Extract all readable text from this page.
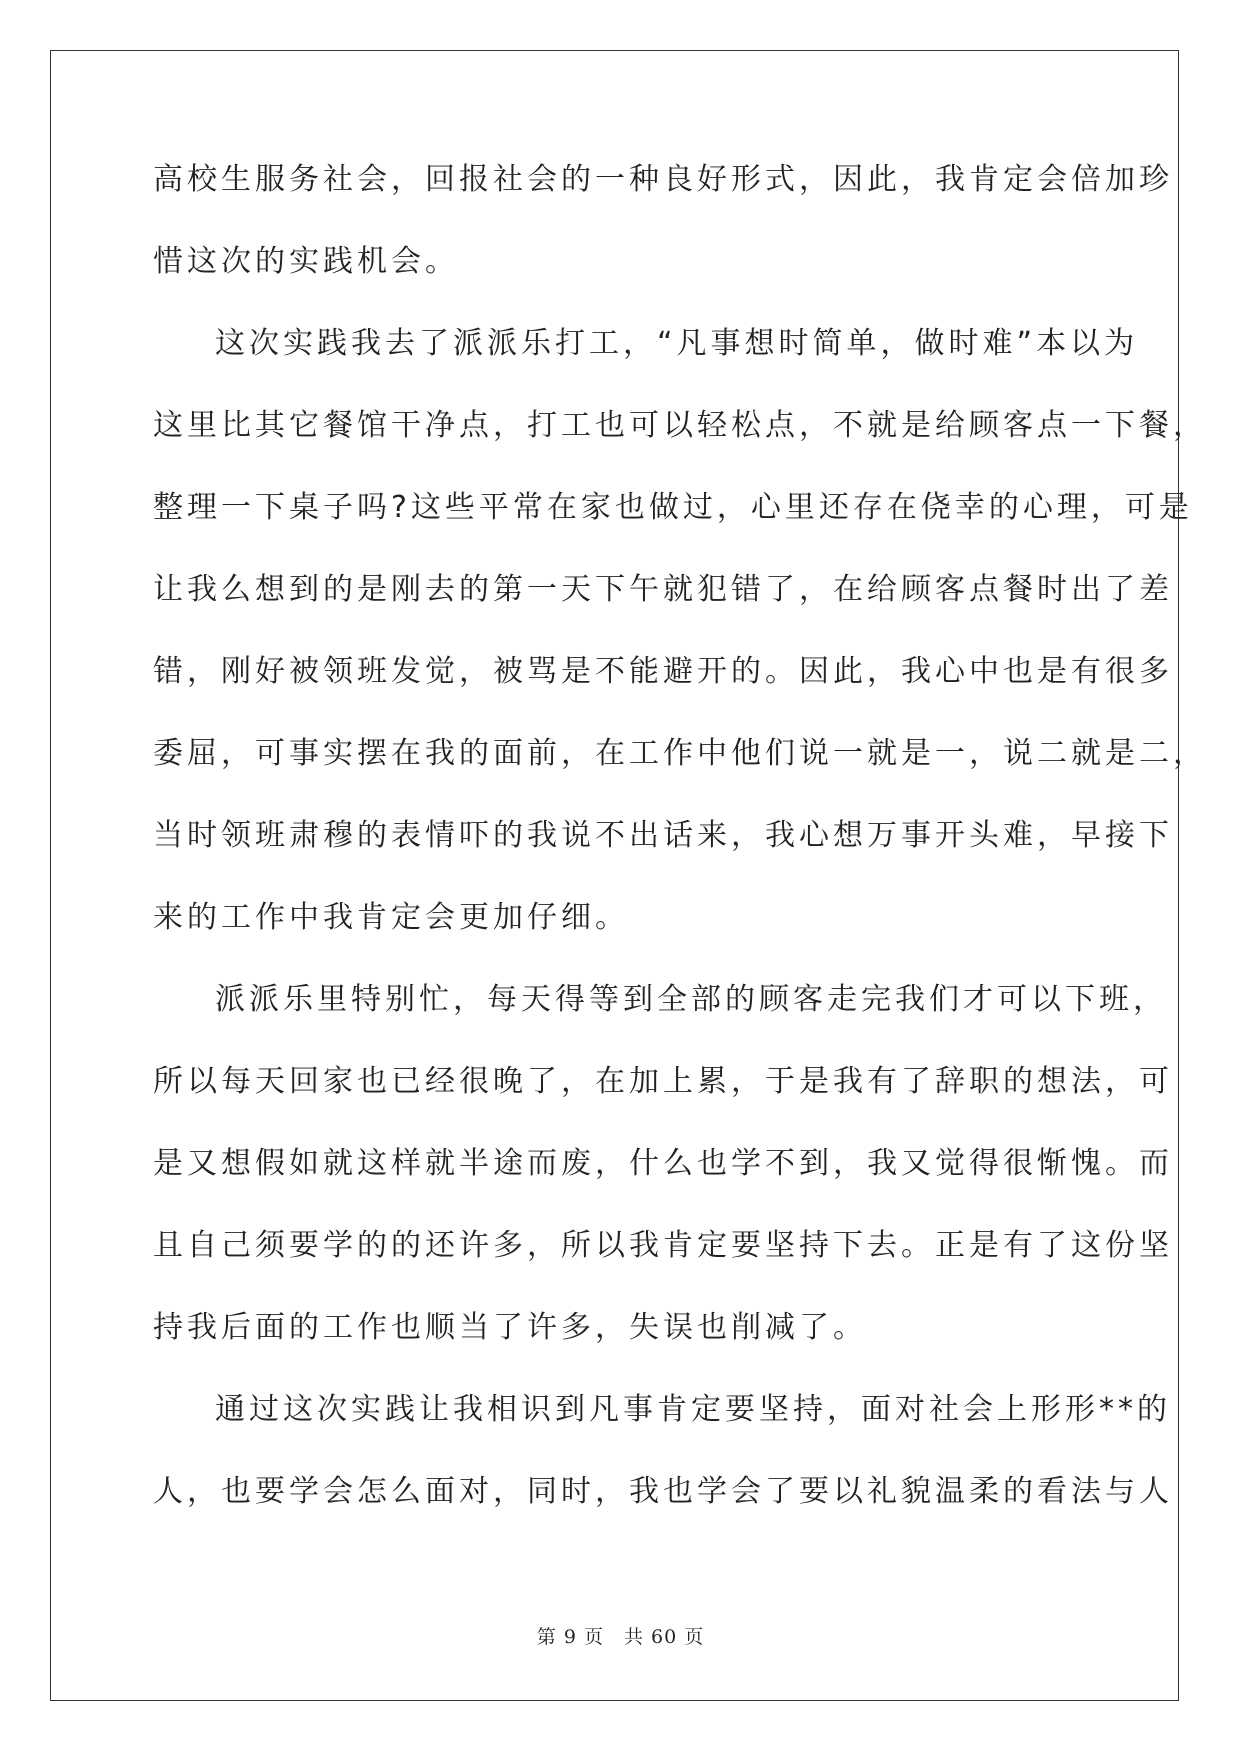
高校生服务社会，回报社会的一种良好形式，因此，我肯定会倍加珍
惜这次的实践机会。
这次实践我去了派派乐打工，“凡事想时简单，做时难”本以为
这里比其它餐馆干净点，打工也可以轻松点，不就是给顾客点一下餐，
整理一下桌子吗?这些平常在家也做过，心里还存在侥幸的心理，可是
让我么想到的是刚去的第一天下午就犯错了，在给顾客点餐时出了差
错，刚好被领班发觉，被骂是不能避开的。因此，我心中也是有很多
委屈，可事实摆在我的面前，在工作中他们说一就是一，说二就是二，
当时领班肃穆的表情吓的我说不出话来，我心想万事开头难，早接下
来的工作中我肯定会更加仔细。
派派乐里特别忙，每天得等到全部的顾客走完我们才可以下班，
所以每天回家也已经很晚了，在加上累，于是我有了辞职的想法，可
是又想假如就这样就半途而废，什么也学不到，我又觉得很惭愧。而
且自己须要学的的还许多，所以我肯定要坚持下去。正是有了这份坚
持我后面的工作也顺当了许多，失误也削减了。
通过这次实践让我相识到凡事肯定要坚持，面对社会上形形**的
人，也要学会怎么面对，同时，我也学会了要以礼貌温柔的看法与人
第 9 页　共 60 页
